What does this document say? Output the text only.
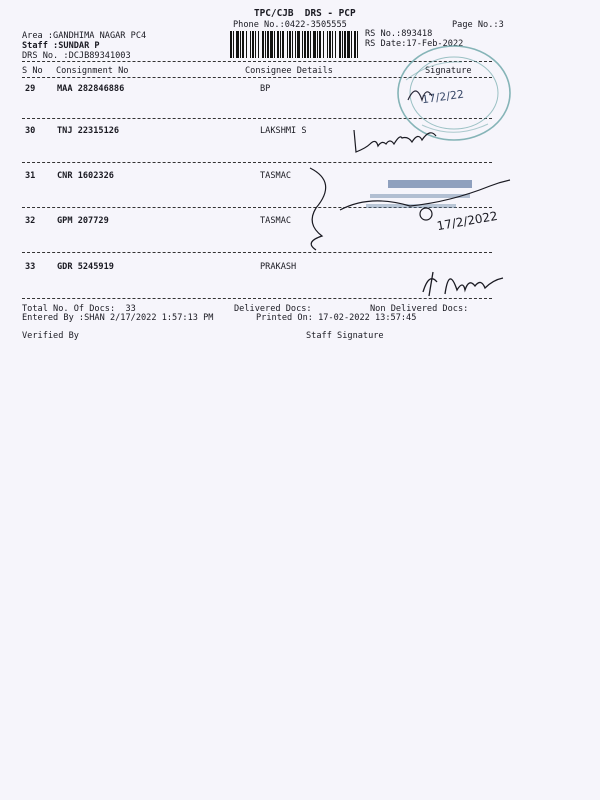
TPC/CJB  DRS - PCP
Phone No.:0422-3505555
Area :GANDHIMA NAGAR PC4
Staff :SUNDAR P
DRS No. :DCJB89341003
RS No.:893418
RS Date:17-Feb-2022
Page No.:3
S No Consignment No	Consignee Details	Signature
29	MAA 282846886	BP
30	TNJ 22315126	LAKSHMI S
31	CNR 1602326	TASMAC
32	GPM 207729	TASMAC
33	GDR 5245919	PRAKASH
Total No. Of Docs:  33	Delivered Docs:	Non Delivered Docs:
Entered By :SHAN 2/17/2022 1:57:13 PM	Printed On: 17-02-2022 13:57:45
Verified By	Staff Signature
17/2/22
17/2/2022
